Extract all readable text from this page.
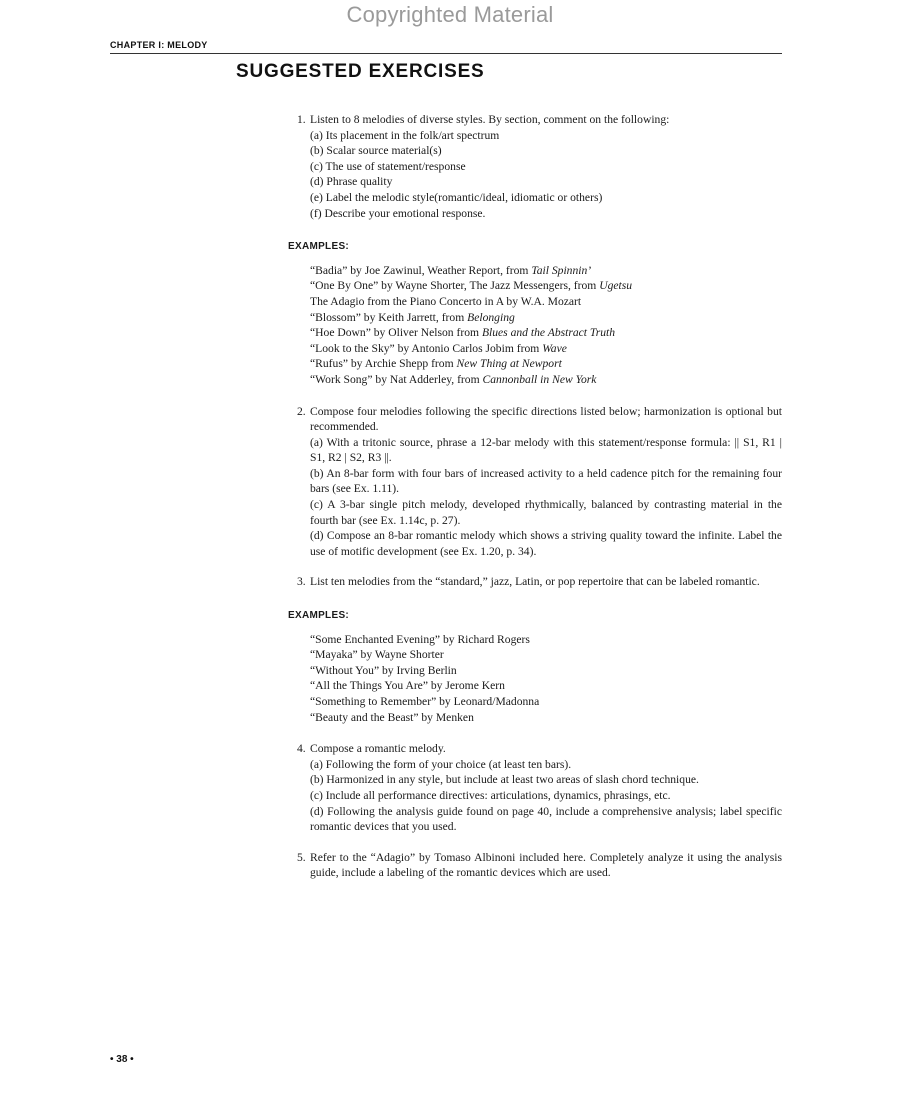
Copyrighted Material
CHAPTER I: MELODY
SUGGESTED EXERCISES
1. Listen to 8 melodies of diverse styles. By section, comment on the following:
(a) Its placement in the folk/art spectrum
(b) Scalar source material(s)
(c) The use of statement/response
(d) Phrase quality
(e) Label the melodic style(romantic/ideal, idiomatic or others)
(f) Describe your emotional response.
EXAMPLES:
“Badia” by Joe Zawinul, Weather Report, from Tail Spinnin’
“One By One” by Wayne Shorter, The Jazz Messengers, from Ugetsu
The Adagio from the Piano Concerto in A by W.A. Mozart
“Blossom” by Keith Jarrett, from Belonging
“Hoe Down” by Oliver Nelson from Blues and the Abstract Truth
“Look to the Sky” by Antonio Carlos Jobim from Wave
“Rufus” by Archie Shepp from New Thing at Newport
“Work Song” by Nat Adderley, from Cannonball in New York
2. Compose four melodies following the specific directions listed below; harmonization is optional but recommended.
(a) With a tritonic source, phrase a 12-bar melody with this statement/response formula: || S1, R1 | S1, R2 | S2, R3 ||.
(b) An 8-bar form with four bars of increased activity to a held cadence pitch for the remaining four bars (see Ex. 1.11).
(c) A 3-bar single pitch melody, developed rhythmically, balanced by contrasting material in the fourth bar (see Ex. 1.14c, p. 27).
(d) Compose an 8-bar romantic melody which shows a striving quality toward the infinite. Label the use of motific development (see Ex. 1.20, p. 34).
3. List ten melodies from the “standard,” jazz, Latin, or pop repertoire that can be labeled romantic.
EXAMPLES:
“Some Enchanted Evening” by Richard Rogers
“Mayaka” by Wayne Shorter
“Without You” by Irving Berlin
“All the Things You Are” by Jerome Kern
“Something to Remember” by Leonard/Madonna
“Beauty and the Beast” by Menken
4. Compose a romantic melody.
(a) Following the form of your choice (at least ten bars).
(b) Harmonized in any style, but include at least two areas of slash chord technique.
(c) Include all performance directives: articulations, dynamics, phrasings, etc.
(d) Following the analysis guide found on page 40, include a comprehensive analysis; label specific romantic devices that you used.
5. Refer to the “Adagio” by Tomaso Albinoni included here. Completely analyze it using the analysis guide, include a labeling of the romantic devices which are used.
• 38 •
